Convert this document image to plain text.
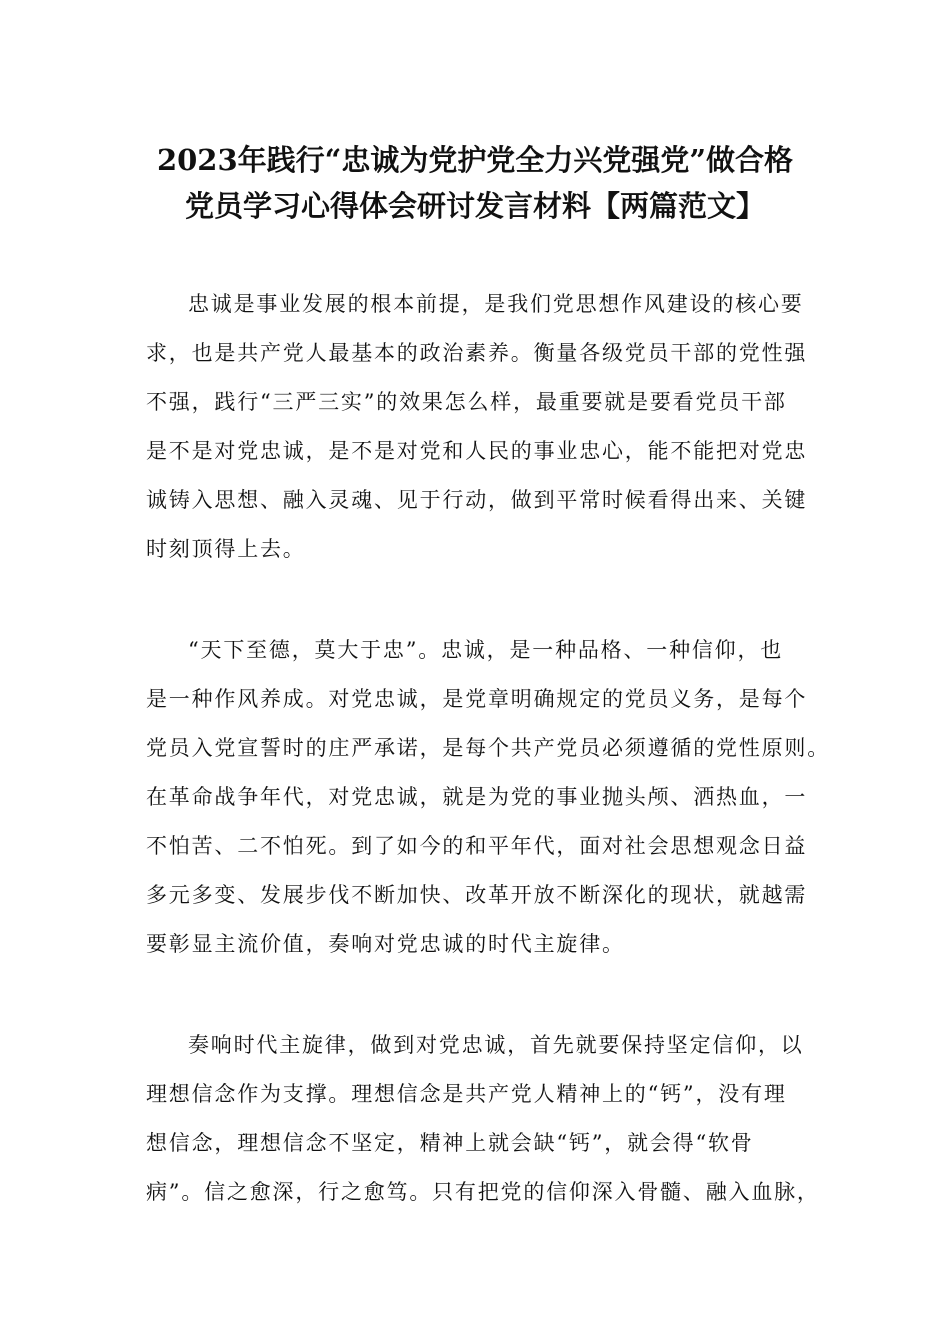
2023年践行“忠诚为党护党全力兴党强党”做合格
党员学习心得体会研讨发言材料【两篇范文】
忠诚是事业发展的根本前提，是我们党思想作风建设的核心要
求，也是共产党人最基本的政治素养。衡量各级党员干部的党性强
不强，践行“三严三实”的效果怎么样，最重要就是要看党员干部
是不是对党忠诚，是不是对党和人民的事业忠心，能不能把对党忠
诚铸入思想、融入灵魂、见于行动，做到平常时候看得出来、关键
时刻顶得上去。
“天下至德，莫大于忠”。忠诚，是一种品格、一种信仰，也
是一种作风养成。对党忠诚，是党章明确规定的党员义务，是每个
党员入党宣誓时的庄严承诺，是每个共产党员必须遵循的党性原则。
在革命战争年代，对党忠诚，就是为党的事业抛头颅、洒热血，一
不怕苦、二不怕死。到了如今的和平年代，面对社会思想观念日益
多元多变、发展步伐不断加快、改革开放不断深化的现状，就越需
要彰显主流价值，奏响对党忠诚的时代主旋律。
奏响时代主旋律，做到对党忠诚，首先就要保持坚定信仰，以
理想信念作为支撑。理想信念是共产党人精神上的“钙”，没有理
想信念，理想信念不坚定，精神上就会缺“钙”，就会得“软骨
病”。信之愈深，行之愈笃。只有把党的信仰深入骨髓、融入血脉，
